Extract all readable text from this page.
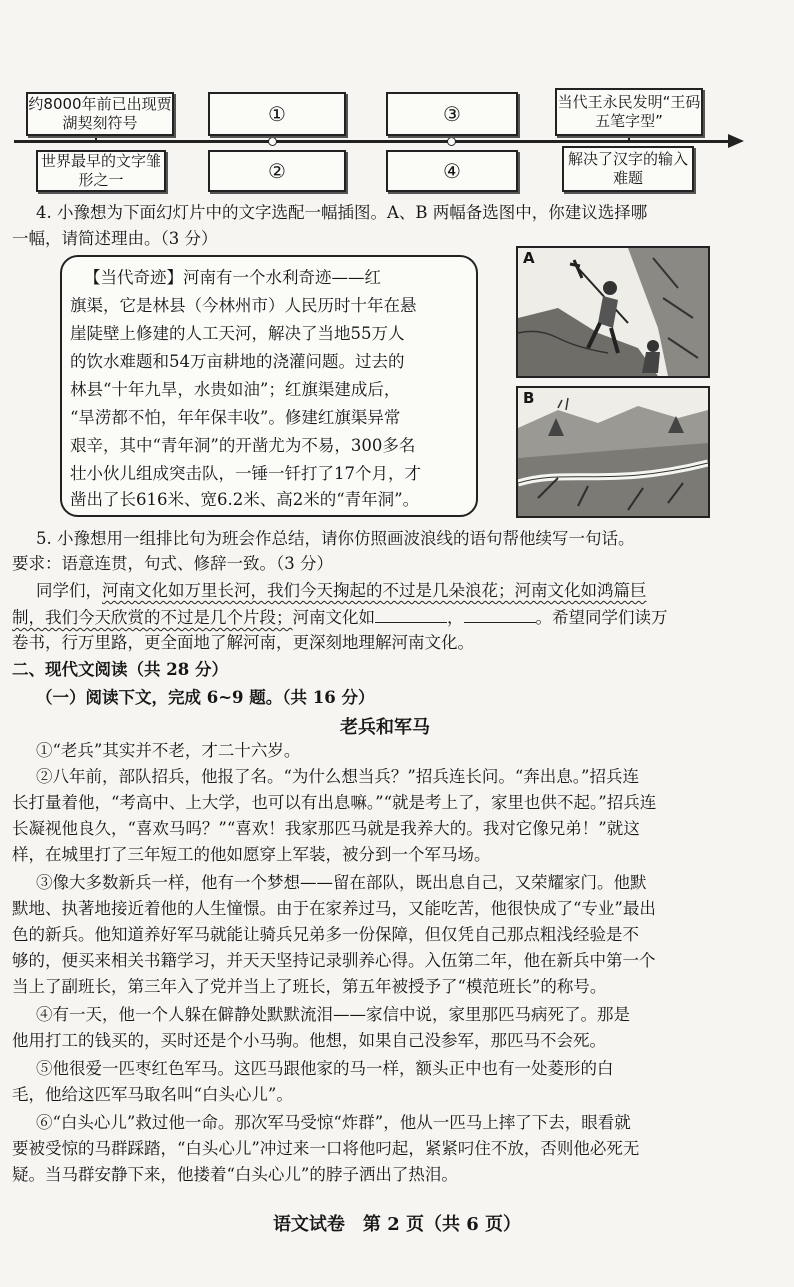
约8000年前已出现贾湖契刻符号	①	③	当代王永民发明“王码五笔字型”
世界最早的文字雏形之一	②	④	解决了汉字的输入难题
4. 小豫想为下面幻灯片中的文字选配一幅插图。A、B 两幅备选图中，你建议选择哪
一幅，请简述理由。（3 分）
【当代奇迹】河南有一个水利奇迹——红
旗渠，它是林县（今林州市）人民历时十年在悬
崖陡壁上修建的人工天河，解决了当地55万人
的饮水难题和54万亩耕地的浇灌问题。过去的
林县“十年九旱，水贵如油”；红旗渠建成后，
“旱涝都不怕，年年保丰收”。修建红旗渠异常
艰辛，其中“青年洞”的开凿尤为不易，300多名
壮小伙儿组成突击队，一锤一钎打了17个月，才
凿出了长616米、宽6.2米、高2米的“青年洞”。
A
B
5. 小豫想用一组排比句为班会作总结，请你仿照画波浪线的语句帮他续写一句话。
要求：语意连贯，句式、修辞一致。（3 分）
同学们，河南文化如万里长河，我们今天掬起的不过是几朵浪花；河南文化如鸿篇巨
制，我们今天欣赏的不过是几个片段；河南文化如	，	。希望同学们读万
卷书，行万里路，更全面地了解河南，更深刻地理解河南文化。
二、现代文阅读（共 28 分）
（一）阅读下文，完成 6~9 题。（共 16 分）
老兵和军马
①“老兵”其实并不老，才二十六岁。
②八年前，部队招兵，他报了名。“为什么想当兵？”招兵连长问。“奔出息。”招兵连
长打量着他，“考高中、上大学，也可以有出息嘛。”“就是考上了，家里也供不起。”招兵连
长凝视他良久，“喜欢马吗？”“喜欢！我家那匹马就是我养大的。我对它像兄弟！”就这
样，在城里打了三年短工的他如愿穿上军装，被分到一个军马场。
③像大多数新兵一样，他有一个梦想——留在部队，既出息自己，又荣耀家门。他默
默地、执著地接近着他的人生憧憬。由于在家养过马，又能吃苦，他很快成了“专业”最出
色的新兵。他知道养好军马就能让骑兵兄弟多一份保障，但仅凭自己那点粗浅经验是不
够的，便买来相关书籍学习，并天天坚持记录驯养心得。入伍第二年，他在新兵中第一个
当上了副班长，第三年入了党并当上了班长，第五年被授予了“模范班长”的称号。
④有一天，他一个人躲在僻静处默默流泪——家信中说，家里那匹马病死了。那是
他用打工的钱买的，买时还是个小马驹。他想，如果自己没参军，那匹马不会死。
⑤他很爱一匹枣红色军马。这匹马跟他家的马一样，额头正中也有一处菱形的白
毛，他给这匹军马取名叫“白头心儿”。
⑥“白头心儿”救过他一命。那次军马受惊“炸群”，他从一匹马上摔了下去，眼看就
要被受惊的马群踩踏，“白头心儿”冲过来一口将他叼起，紧紧叼住不放，否则他必死无
疑。当马群安静下来，他搂着“白头心儿”的脖子洒出了热泪。
语文试卷　第 2 页（共 6 页）
